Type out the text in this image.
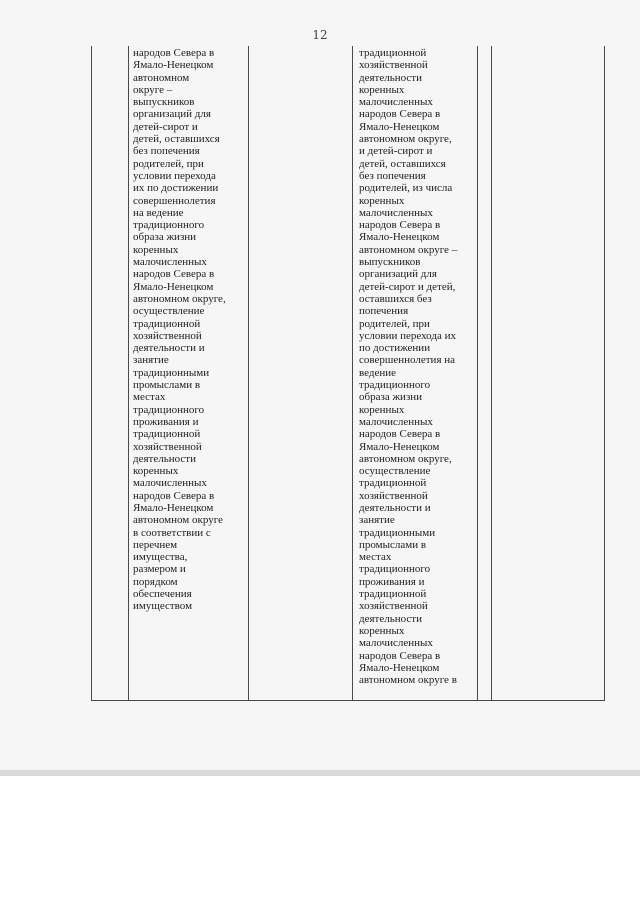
12
народов Севера в
Ямало-Ненецком
автономном
округе –
выпускников
организаций для
детей-сирот и
детей, оставшихся
без попечения
родителей, при
условии перехода
их по достижении
совершеннолетия
на ведение
традиционного
образа жизни
коренных
малочисленных
народов Севера в
Ямало-Ненецком
автономном округе,
осуществление
традиционной
хозяйственной
деятельности и
занятие
традиционными
промыслами в
местах
традиционного
проживания и
традиционной
хозяйственной
деятельности
коренных
малочисленных
народов Севера в
Ямало-Ненецком
автономном округе
в соответствии с
перечнем
имущества,
размером и
порядком
обеспечения
имуществом
традиционной
хозяйственной
деятельности
коренных
малочисленных
народов Севера в
Ямало-Ненецком
автономном округе,
и детей-сирот и
детей, оставшихся
без попечения
родителей, из числа
коренных
малочисленных
народов Севера в
Ямало-Ненецком
автономном округе –
выпускников
организаций для
детей-сирот и детей,
оставшихся без
попечения
родителей, при
условии перехода их
по достижении
совершеннолетия на
ведение
традиционного
образа жизни
коренных
малочисленных
народов Севера в
Ямало-Ненецком
автономном округе,
осуществление
традиционной
хозяйственной
деятельности и
занятие
традиционными
промыслами в
местах
традиционного
проживания и
традиционной
хозяйственной
деятельности
коренных
малочисленных
народов Севера в
Ямало-Ненецком
автономном округе в
